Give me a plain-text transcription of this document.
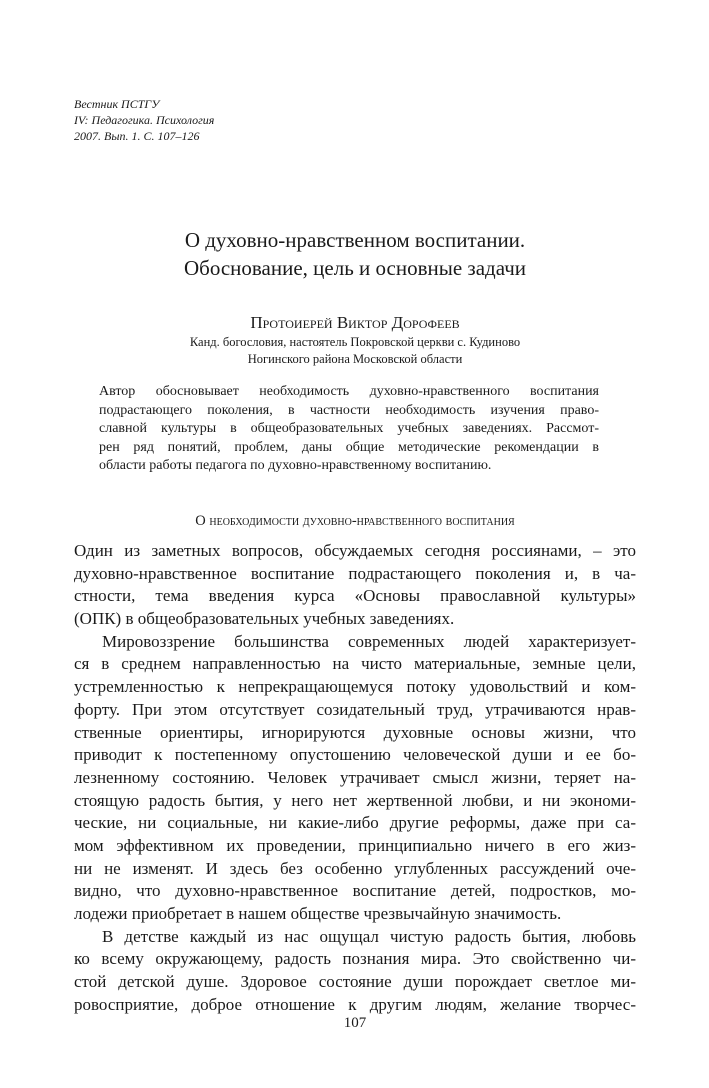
Вестник ПСТГУ
IV: Педагогика. Психология
2007. Вып. 1. С. 107–126
О духовно-нравственном воспитании.
Обоснование, цель и основные задачи
Протоиерей Виктор Дорофеев
Канд. богословия, настоятель Покровской церкви с. Кудиново
Ногинского района Московской области
Автор обосновывает необходимость духовно-нравственного воспитания
подрастающего поколения, в частности необходимость изучения право-
славной культуры в общеобразовательных учебных заведениях. Рассмот-
рен ряд понятий, проблем, даны общие методические рекомендации в
области работы педагога по духовно-нравственному воспитанию.
О необходимости духовно-нравственного воспитания
Один из заметных вопросов, обсуждаемых сегодня россиянами, – это
духовно-нравственное воспитание подрастающего поколения и, в ча-
стности, тема введения курса «Основы православной культуры»
(ОПК) в общеобразовательных учебных заведениях.
Мировоззрение большинства современных людей характеризует-
ся в среднем направленностью на чисто материальные, земные цели,
устремленностью к непрекращающемуся потоку удовольствий и ком-
форту. При этом отсутствует созидательный труд, утрачиваются нрав-
ственные ориентиры, игнорируются духовные основы жизни, что
приводит к постепенному опустошению человеческой души и ее бо-
лезненному состоянию. Человек утрачивает смысл жизни, теряет на-
стоящую радость бытия, у него нет жертвенной любви, и ни экономи-
ческие, ни социальные, ни какие-либо другие реформы, даже при са-
мом эффективном их проведении, принципиально ничего в его жиз-
ни не изменят. И здесь без особенно углубленных рассуждений оче-
видно, что духовно-нравственное воспитание детей, подростков, мо-
лодежи приобретает в нашем обществе чрезвычайную значимость.
В детстве каждый из нас ощущал чистую радость бытия, любовь
ко всему окружающему, радость познания мира. Это свойственно чи-
стой детской душе. Здоровое состояние души порождает светлое ми-
ровосприятие, доброе отношение к другим людям, желание творчес-
107
